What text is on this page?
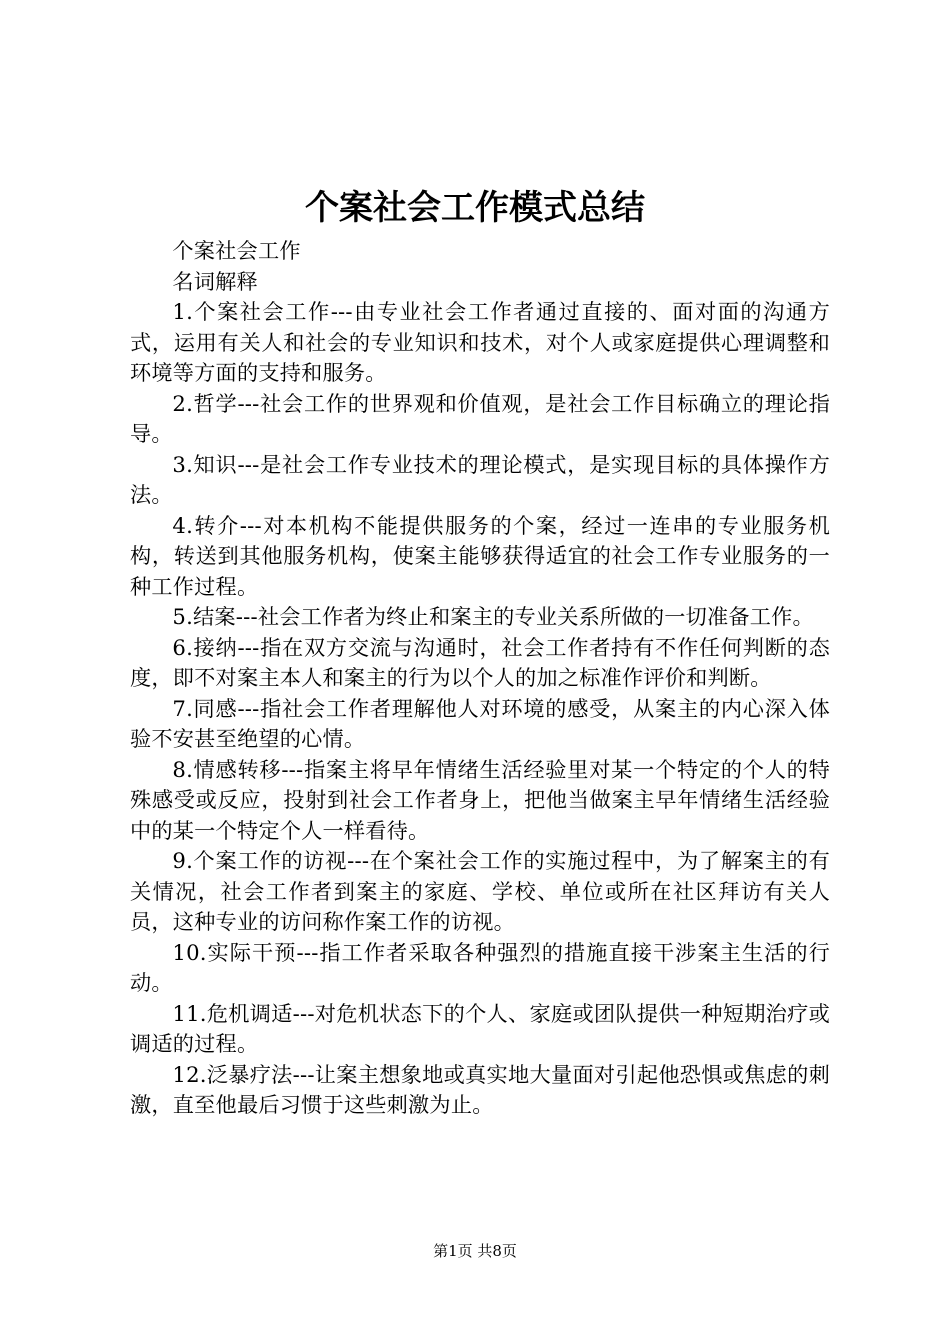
个案社会工作模式总结

个案社会工作

名词解释

1.个案社会工作---由专业社会工作者通过直接的、面对面的沟通方式，运用有关人和社会的专业知识和技术，对个人或家庭提供心理调整和环境等方面的支持和服务。

2.哲学---社会工作的世界观和价值观，是社会工作目标确立的理论指导。

3.知识---是社会工作专业技术的理论模式，是实现目标的具体操作方法。

4.转介---对本机构不能提供服务的个案，经过一连串的专业服务机构，转送到其他服务机构，使案主能够获得适宜的社会工作专业服务的一种工作过程。

5.结案---社会工作者为终止和案主的专业关系所做的一切准备工作。

6.接纳---指在双方交流与沟通时，社会工作者持有不作任何判断的态度，即不对案主本人和案主的行为以个人的加之标准作评价和判断。

7.同感---指社会工作者理解他人对环境的感受，从案主的内心深入体验不安甚至绝望的心情。

8.情感转移---指案主将早年情绪生活经验里对某一个特定的个人的特殊感受或反应，投射到社会工作者身上，把他当做案主早年情绪生活经验中的某一个特定个人一样看待。

9.个案工作的访视---在个案社会工作的实施过程中，为了解案主的有关情况，社会工作者到案主的家庭、学校、单位或所在社区拜访有关人员，这种专业的访问称作案工作的访视。

10.实际干预---指工作者采取各种强烈的措施直接干涉案主生活的行动。

11.危机调适---对危机状态下的个人、家庭或团队提供一种短期治疗或调适的过程。

12.泛暴疗法---让案主想象地或真实地大量面对引起他恐惧或焦虑的刺激，直至他最后习惯于这些刺激为止。

第1页 共8页
